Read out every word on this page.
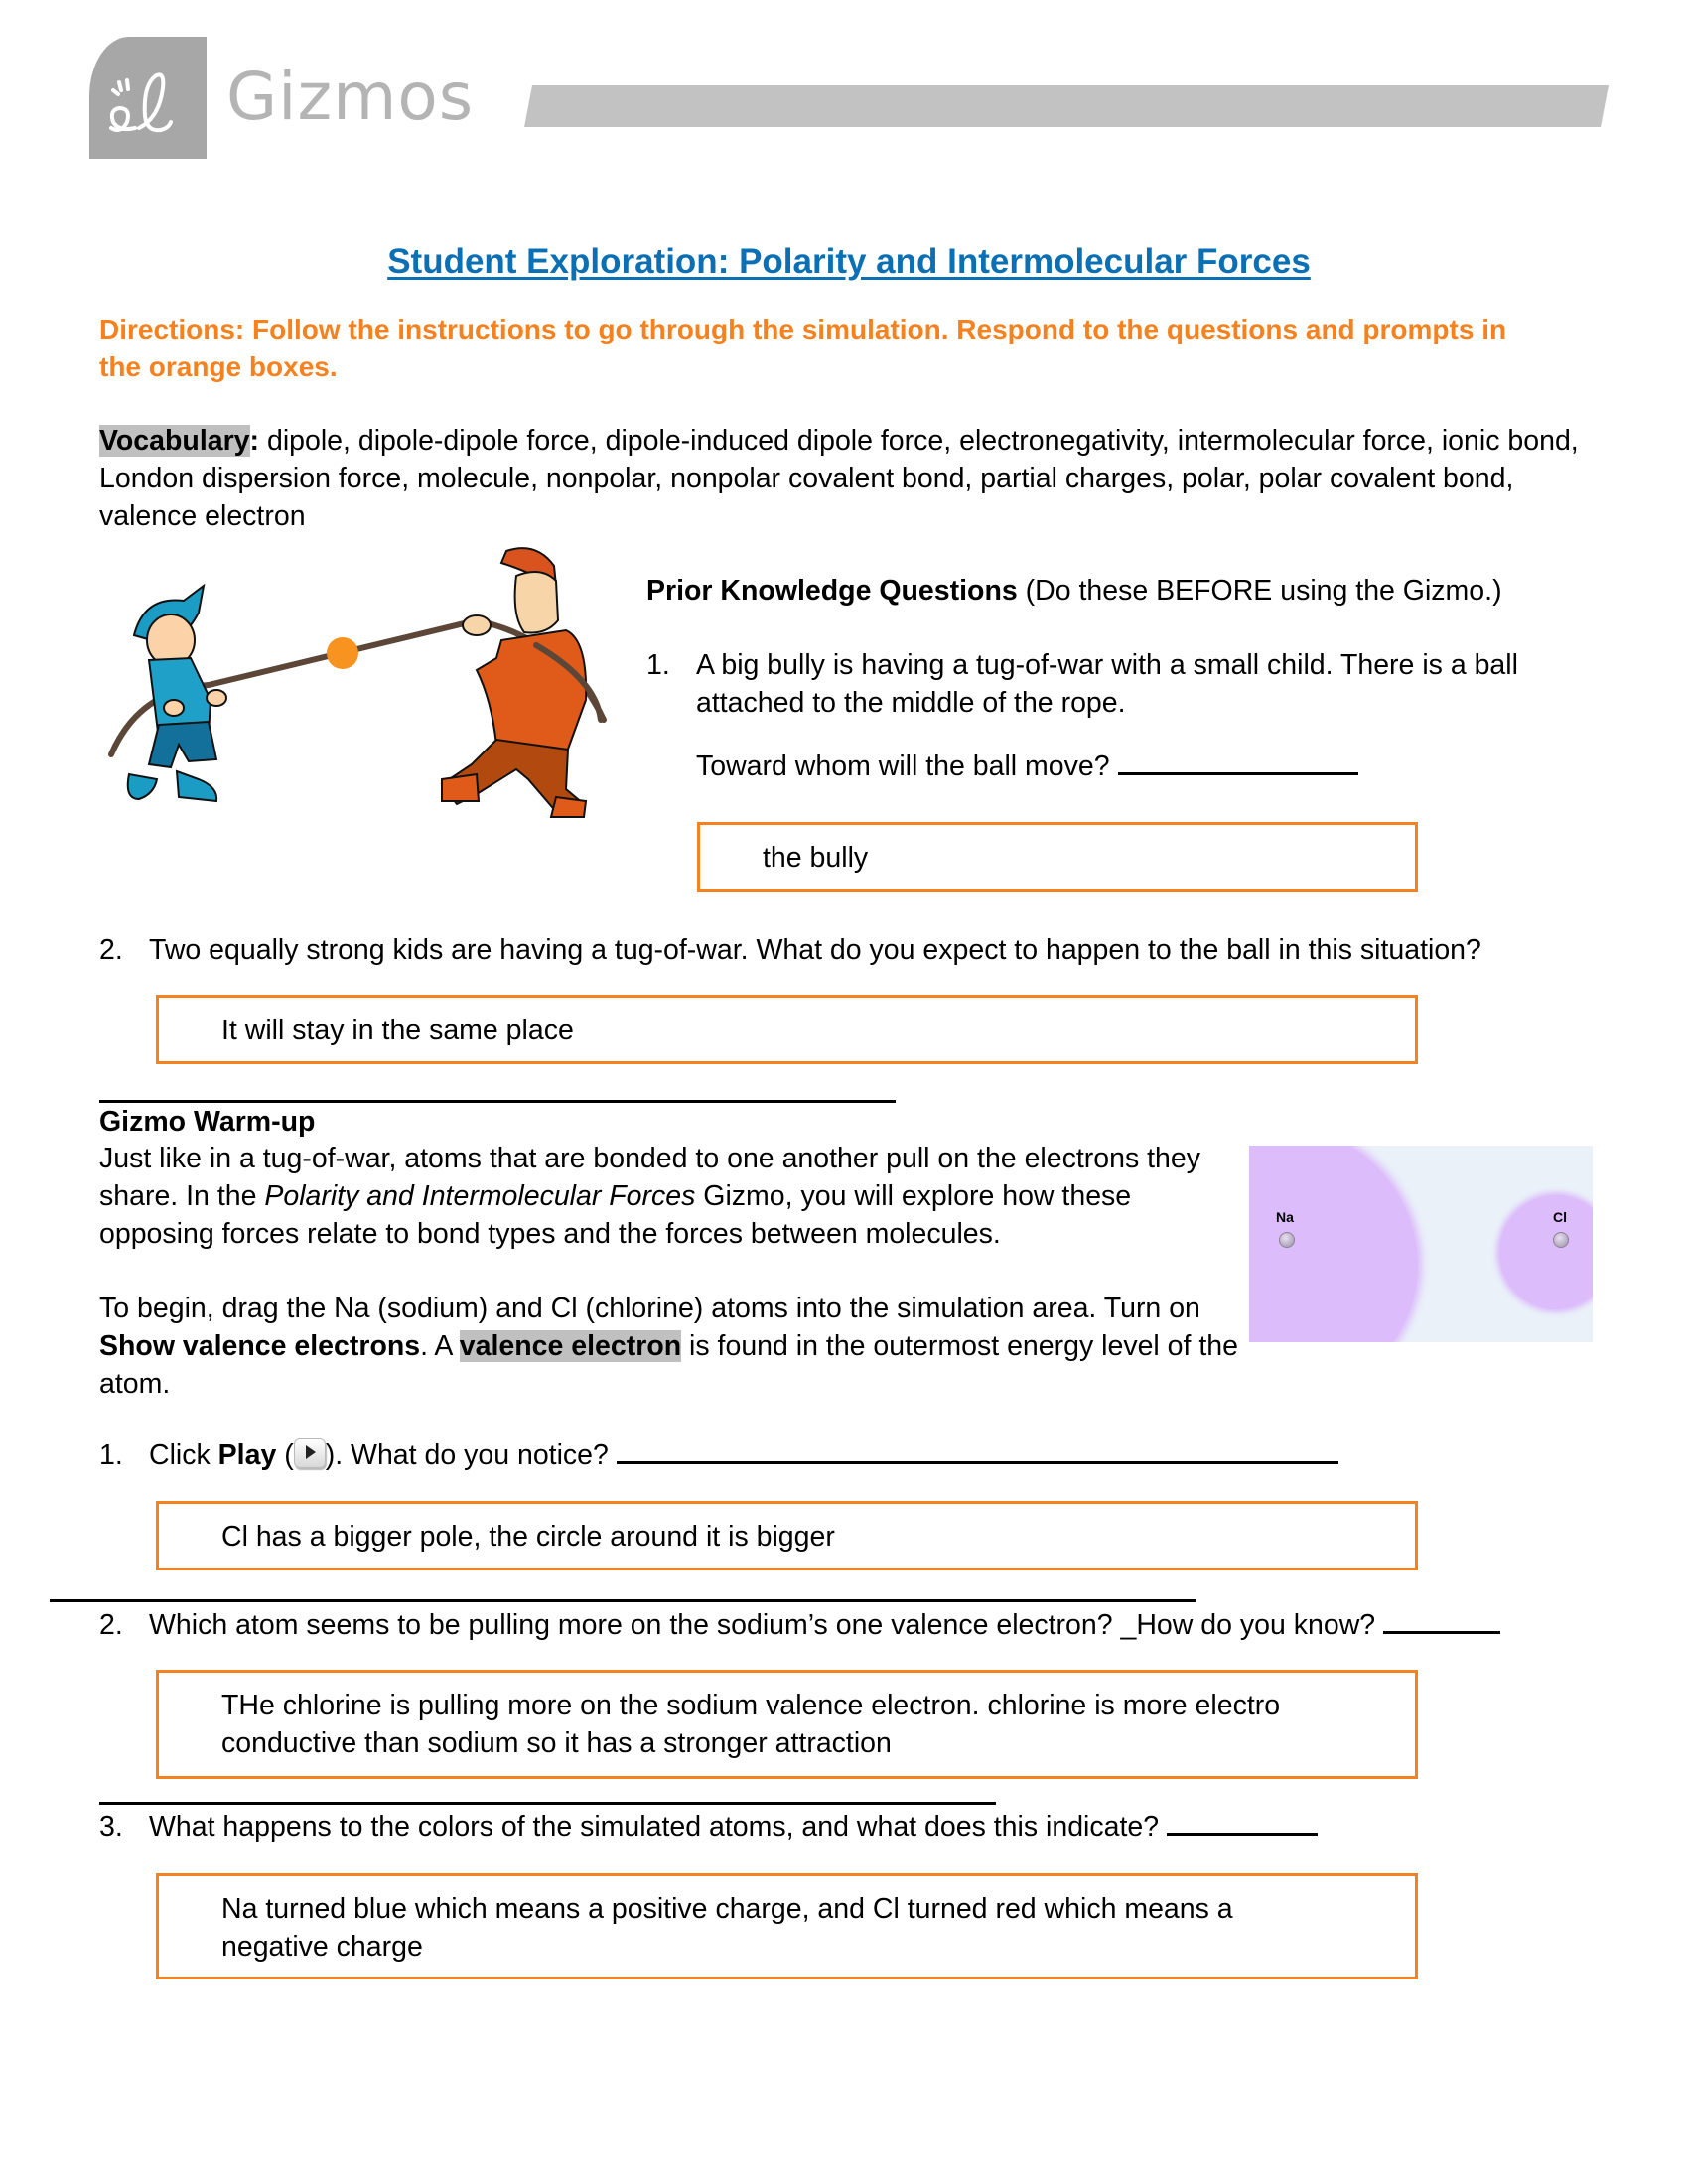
Gizmos
Student Exploration: Polarity and Intermolecular Forces
Directions: Follow the instructions to go through the simulation. Respond to the questions and prompts in the orange boxes.
Vocabulary: dipole, dipole-dipole force, dipole-induced dipole force, electronegativity, intermolecular force, ionic bond, London dispersion force, molecule, nonpolar, nonpolar covalent bond, partial charges, polar, polar covalent bond, valence electron
Prior Knowledge Questions (Do these BEFORE using the Gizmo.)
1. A big bully is having a tug-of-war with a small child. There is a ball
attached to the middle of the rope.
Toward whom will the ball move?
the bully
2. Two equally strong kids are having a tug-of-war. What do you expect to happen to the ball in this situation?
It will stay in the same place
Gizmo Warm-up
Just like in a tug-of-war, atoms that are bonded to one another pull on the electrons they share. In the Polarity and Intermolecular Forces Gizmo, you will explore how these opposing forces relate to bond types and the forces between molecules.
To begin, drag the Na (sodium) and Cl (chlorine) atoms into the simulation area. Turn on Show valence electrons. A valence electron is found in the outermost energy level of the atom.
Na	Cl
1. Click Play ( ). What do you notice?
Cl has a bigger pole, the circle around it is bigger
2. Which atom seems to be pulling more on the sodium’s one valence electron? _How do you know?
THe chlorine is pulling more on the sodium valence electron. chlorine is more electro
conductive than sodium so it has a stronger attraction
3. What happens to the colors of the simulated atoms, and what does this indicate?
Na turned blue which means a positive charge, and Cl turned red which means a
negative charge
